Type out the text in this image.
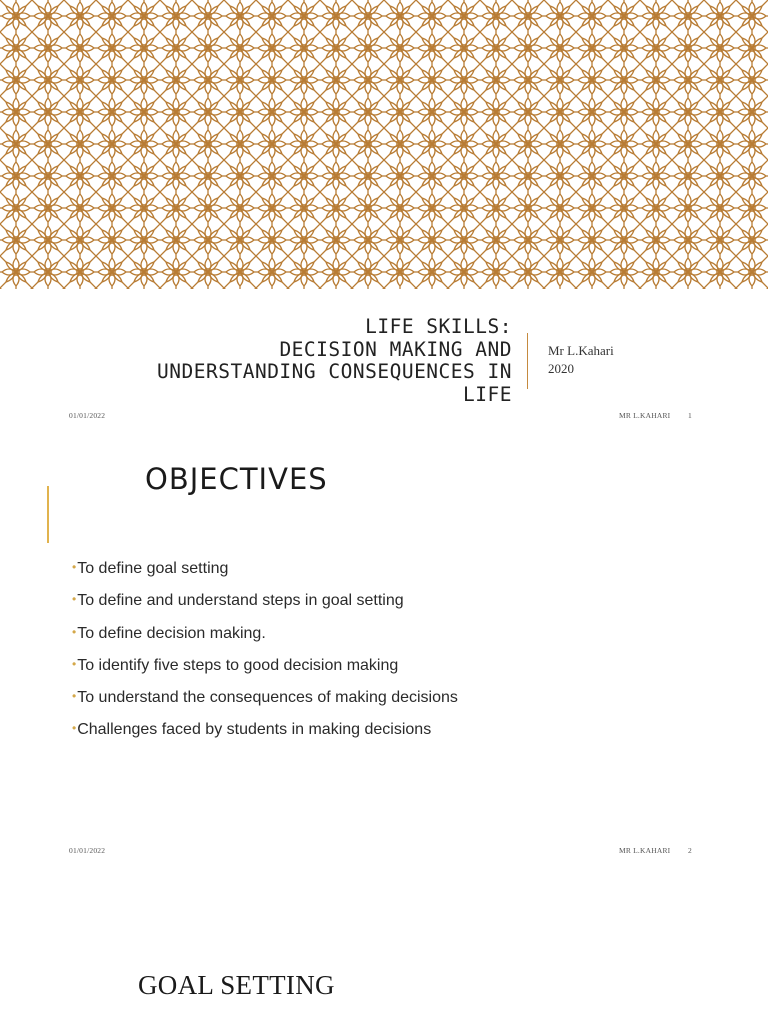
LIFE SKILLS:
DECISION MAKING AND
UNDERSTANDING CONSEQUENCES IN
LIFE
Mr L.Kahari
2020
01/01/2022	MR L.KAHARI 1
OBJECTIVES
•To define goal setting
•To define and understand steps in goal setting
•To define decision making.
•To identify five steps to good decision making
•To understand the consequences of making decisions
•Challenges faced by students in making decisions
01/01/2022	MR L.KAHARI 2
GOAL SETTING
